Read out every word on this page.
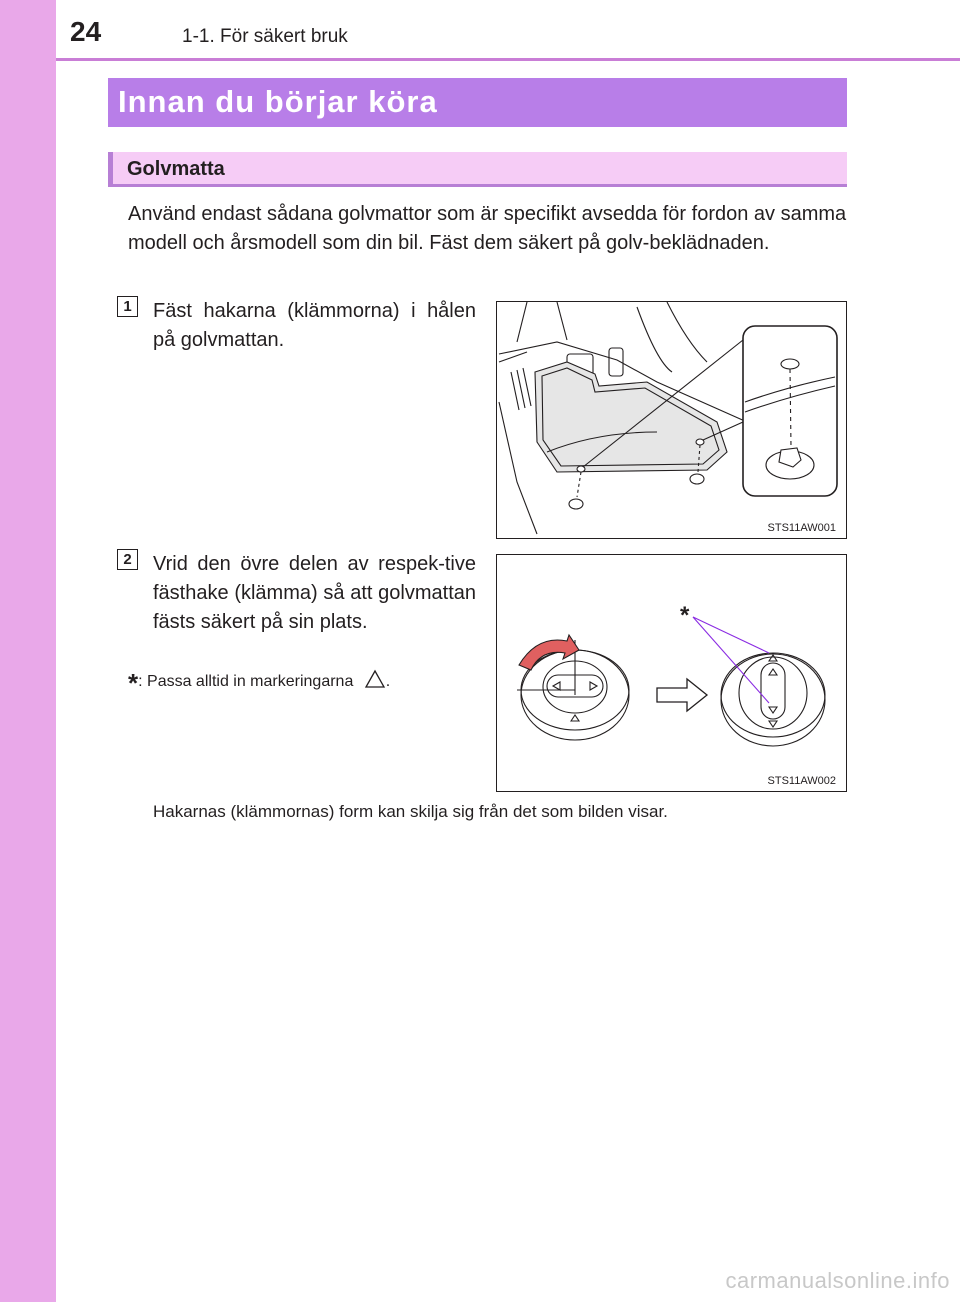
24	1-1. För säkert bruk
Innan du börjar köra
Golvmatta
Använd endast sådana golvmattor som är specifikt avsedda för fordon av samma modell och årsmodell som din bil. Fäst dem säkert på golv-beklädnaden.
1	Fäst hakarna (klämmorna) i hålen på golvmattan.
STS11AW001
2	Vrid den övre delen av respek-tive fästhake (klämma) så att golvmattan fästs säkert på sin plats.
*: Passa alltid in markeringarna .
*
STS11AW002
Hakarnas (klämmornas) form kan skilja sig från det som bilden visar.
carmanualsonline.info
